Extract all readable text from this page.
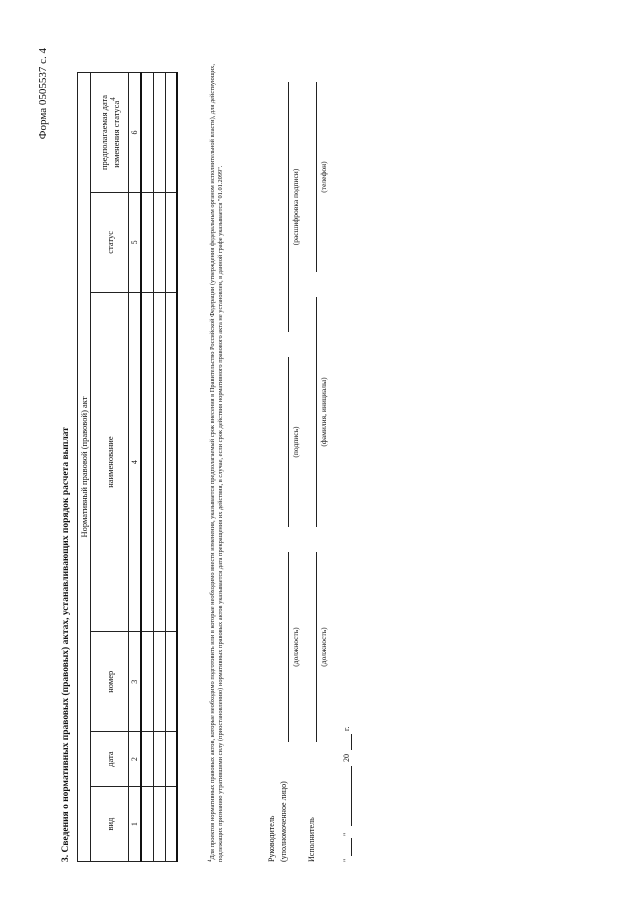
Форма 0505537 с. 4
3. Сведения о нормативных правовых (правовых) актах, устанавливающих порядок расчета выплат Нормативный правовой (правовой) акт					
вид	дата	номер	наименование	статус	предполагаемая дата изменения статуса$^4$
1	2	3	4	5	6

$^4$Для проектов нормативных правовых актов, которые необходимо подготовить или в которые необходимо внести изменения, указывается предполагаемый срок внесения в Правительство Российской Федерации (утверждения федеральным органом исполнительной власти), для действующих, подлежащих признанию утратившими силу (приостановлению) нормативных правовых актов указывается дата прекращения их действия, в случае, если срок действия нормативного правового акта не установлен, в данной графе указывается "01.01.2099".	Руководитель (уполномоченное лицо)
(должность)
(подпись)
(расшифровка подписи)
Исполнитель
(должность)
(фамилия, инициалы)
(телефон)
"
"
20
г.
